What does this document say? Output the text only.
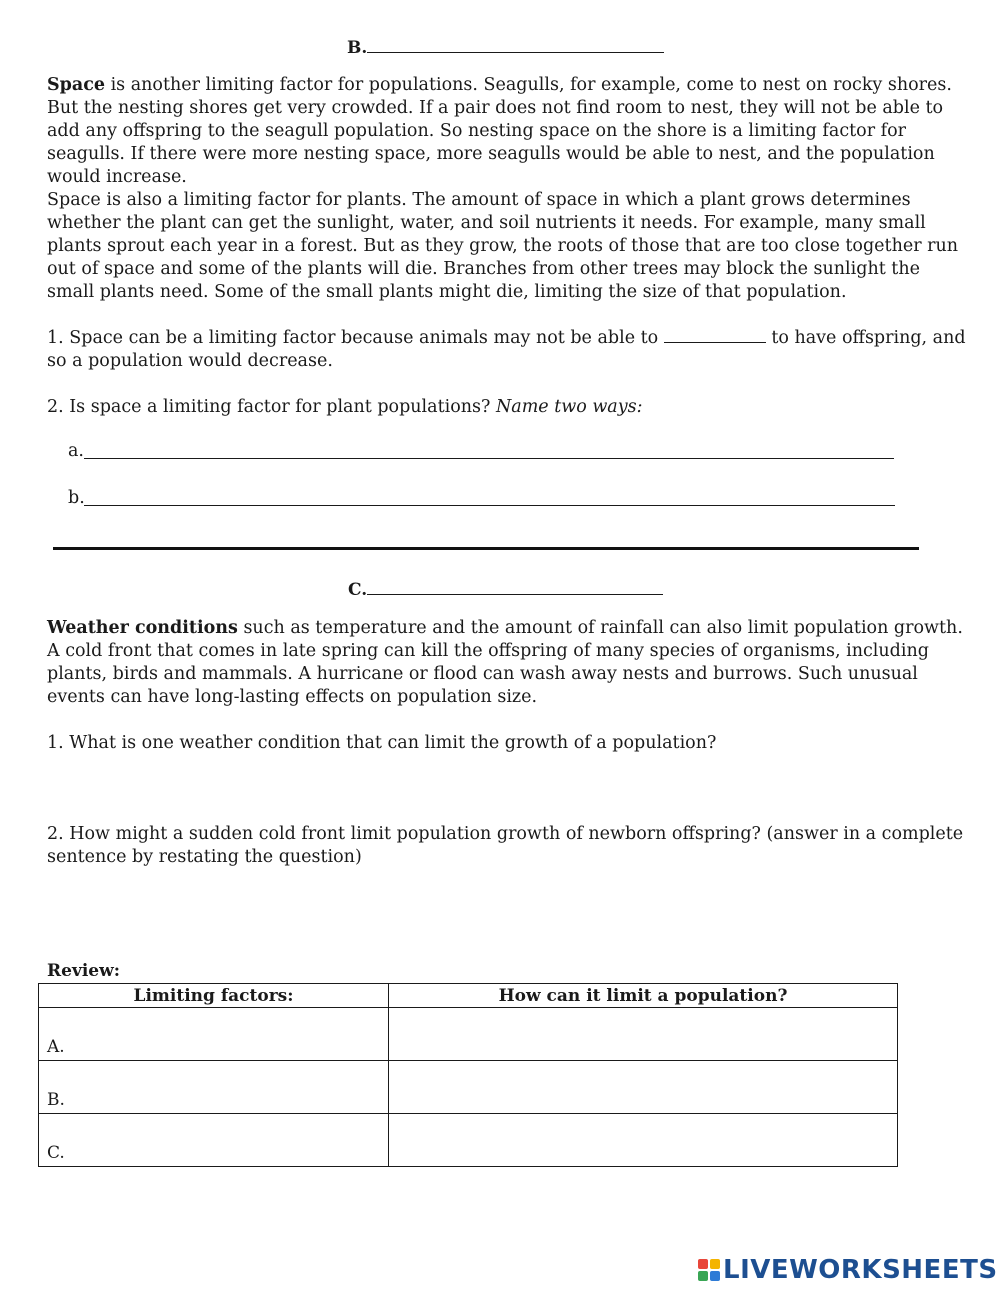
B.

Space is another limiting factor for populations. Seagulls, for example, come to nest on rocky shores. But the nesting shores get very crowded. If a pair does not find room to nest, they will not be able to add any offspring to the seagull population. So nesting space on the shore is a limiting factor for seagulls. If there were more nesting space, more seagulls would be able to nest, and the population would increase.

Space is also a limiting factor for plants. The amount of space in which a plant grows determines whether the plant can get the sunlight, water, and soil nutrients it needs. For example, many small plants sprout each year in a forest. But as they grow, the roots of those that are too close together run out of space and some of the plants will die. Branches from other trees may block the sunlight the small plants need. Some of the small plants might die, limiting the size of that population.

1. Space can be a limiting factor because animals may not be able to	to have offspring, and so a population would decrease.

2. Is space a limiting factor for plant populations? Name two ways:

a.
b.
C.

Weather conditions such as temperature and the amount of rainfall can also limit population growth. A cold front that comes in late spring can kill the offspring of many species of organisms, including plants, birds and mammals. A hurricane or flood can wash away nests and burrows. Such unusual events can have long-lasting effects on population size.

1. What is one weather condition that can limit the growth of a population?

2. How might a sudden cold front limit population growth of newborn offspring? (answer in a complete sentence by restating the question)

Review:
Limiting factors:	How can it limit a population?
A.	
B.	
C.	
LIVEWORKSHEETS
